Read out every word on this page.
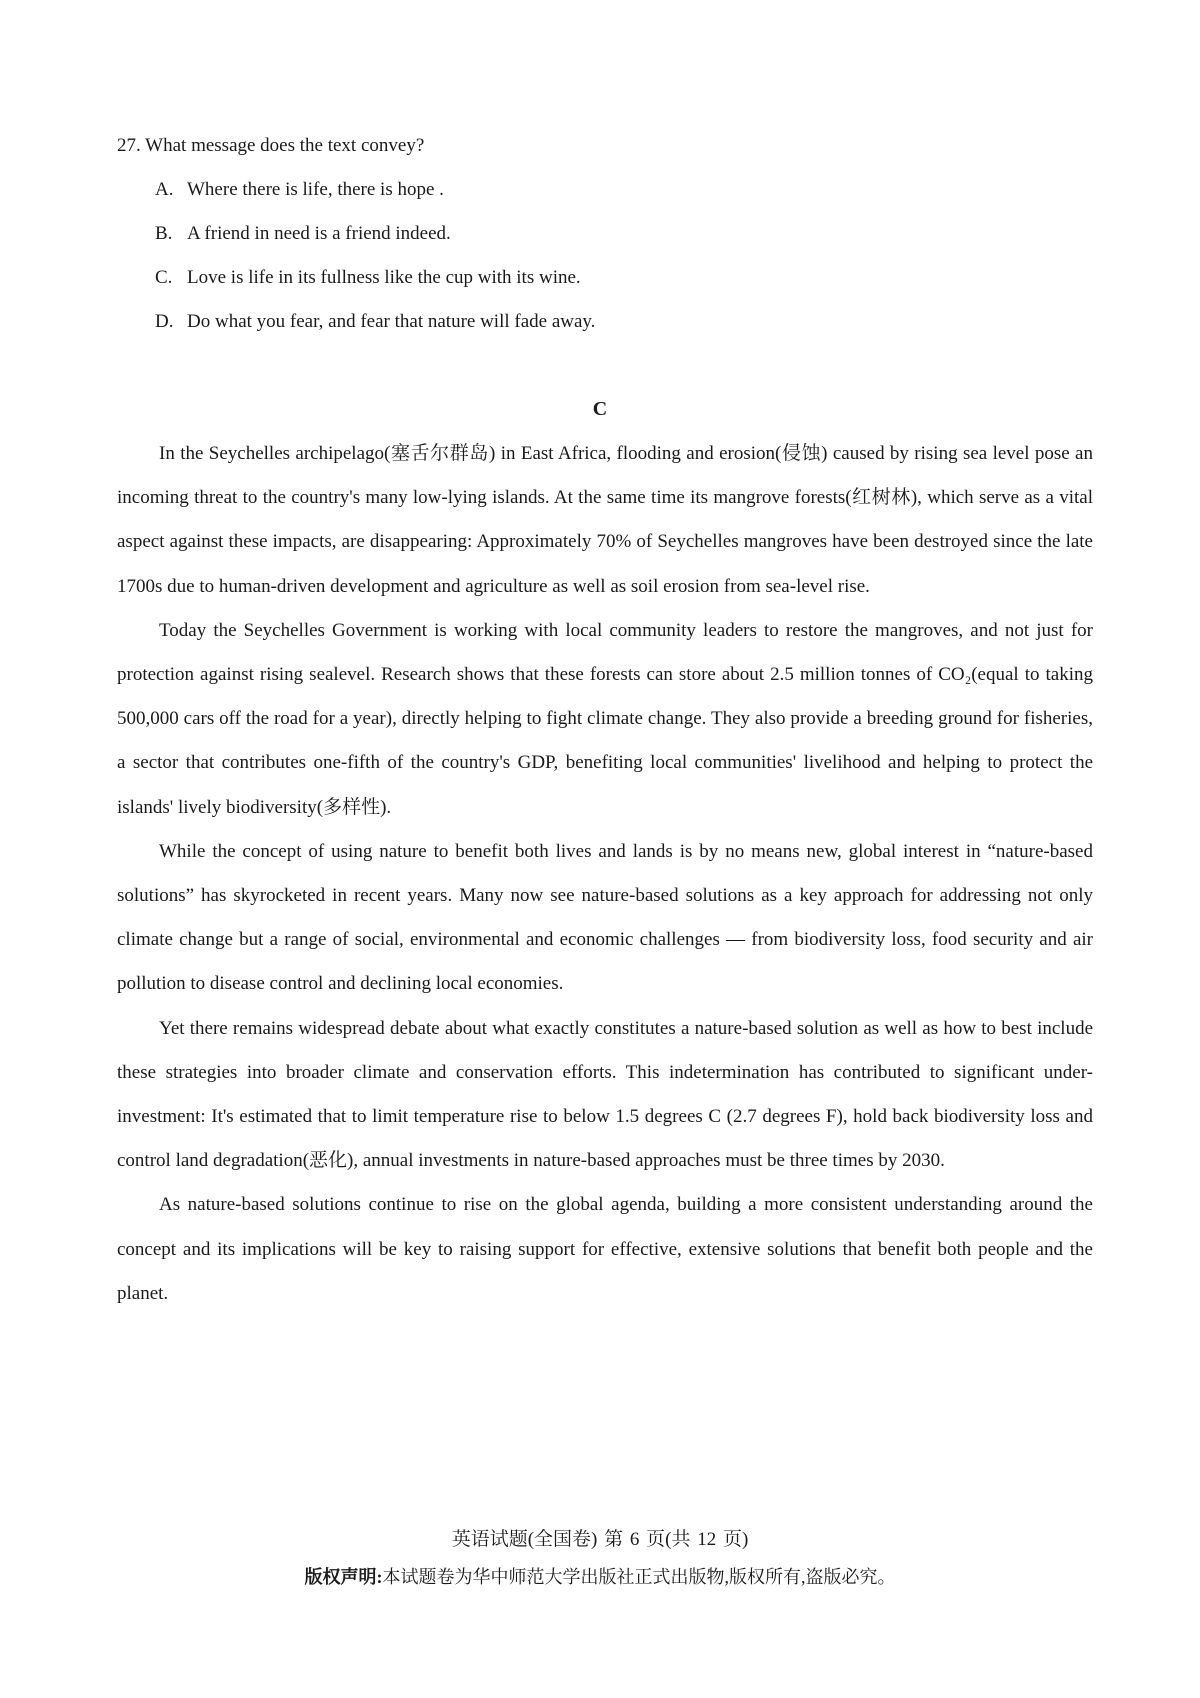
27. What message does the text convey?
A. Where there is life, there is hope .
B. A friend in need is a friend indeed.
C. Love is life in its fullness like the cup with its wine.
D. Do what you fear, and fear that nature will fade away.
C

In the Seychelles archipelago(塞舌尔群岛) in East Africa, flooding and erosion(侵蚀) caused by rising sea level pose an incoming threat to the country's many low-lying islands. At the same time its mangrove forests(红树林), which serve as a vital aspect against these impacts, are disappearing: Approximately 70% of Seychelles mangroves have been destroyed since the late 1700s due to human-driven development and agriculture as well as soil erosion from sea-level rise.

Today the Seychelles Government is working with local community leaders to restore the mangroves, and not just for protection against rising sealevel. Research shows that these forests can store about 2.5 million tonnes of CO₂(equal to taking 500,000 cars off the road for a year), directly helping to fight climate change. They also provide a breeding ground for fisheries, a sector that contributes one-fifth of the country's GDP, benefiting local communities' livelihood and helping to protect the islands' lively biodiversity(多样性).

While the concept of using nature to benefit both lives and lands is by no means new, global interest in “nature-based solutions” has skyrocketed in recent years. Many now see nature-based solutions as a key approach for addressing not only climate change but a range of social, environmental and economic challenges — from biodiversity loss, food security and air pollution to disease control and declining local economies.

Yet there remains widespread debate about what exactly constitutes a nature-based solution as well as how to best include these strategies into broader climate and conservation efforts. This indetermination has contributed to significant under-investment: It's estimated that to limit temperature rise to below 1.5 degrees C (2.7 degrees F), hold back biodiversity loss and control land degradation(恶化), annual investments in nature-based approaches must be three times by 2030.

As nature-based solutions continue to rise on the global agenda, building a more consistent understanding around the concept and its implications will be key to raising support for effective, extensive solutions that benefit both people and the planet.

英语试题(全国卷) 第 6 页(共 12 页)
版权声明:本试题卷为华中师范大学出版社正式出版物,版权所有,盗版必究。
